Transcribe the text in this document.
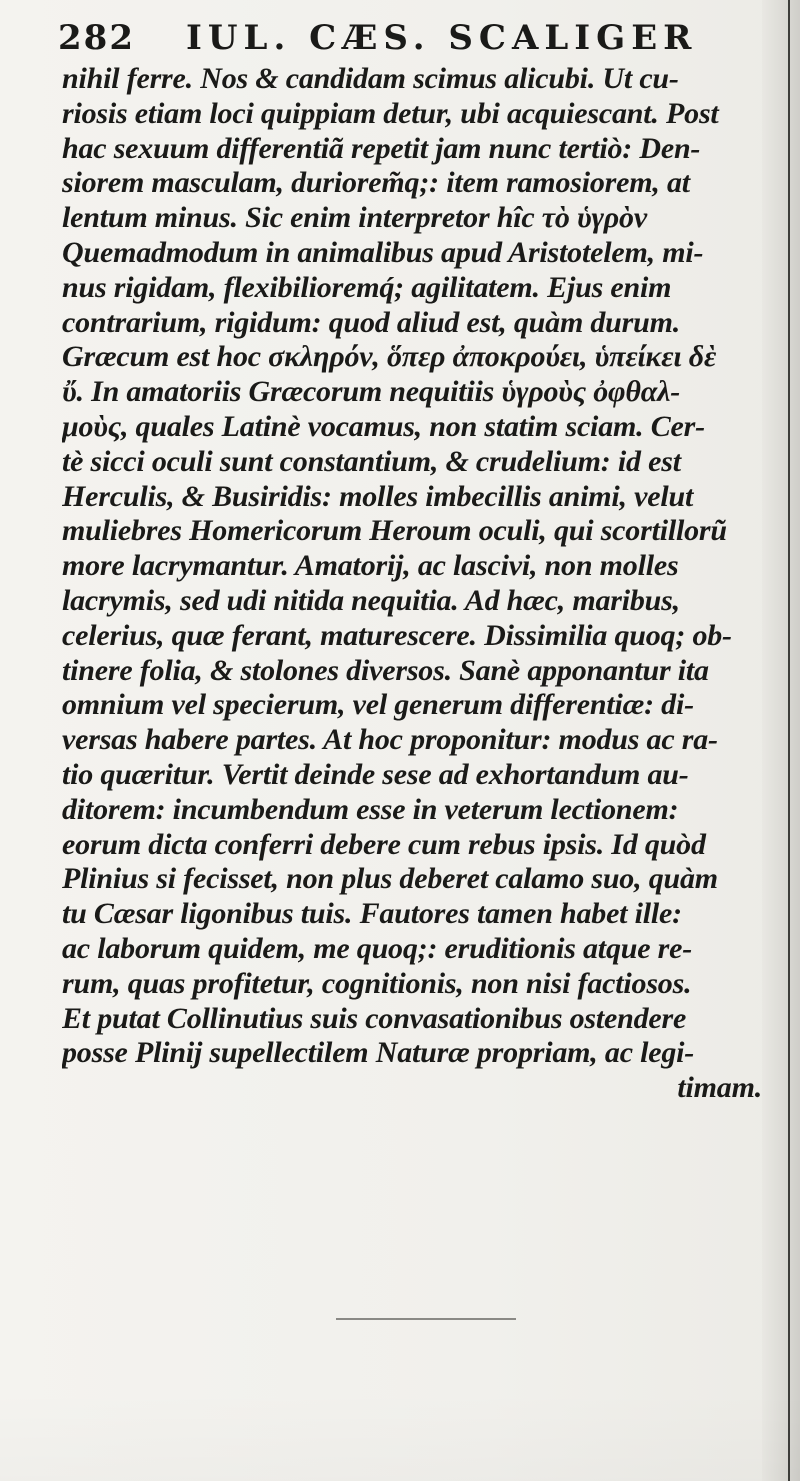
282 IUL. CÆS. SCALIGER
nihil ferre. Nos & candidam scimus alicubi. Ut cu-
riosis etiam loci quippiam detur, ubi acquiescant. Post
hac sexuum differentiã repetit jam nunc tertiò: Den-
siorem masculam, duriorem̃q;: item ramosiorem, at
lentum minus. Sic enim interpretor hîc τὸ ὑγρὸν
Quemadmodum in animalibus apud Aristotelem, mi-
nus rigidam, flexibilioremq́; agilitatem. Ejus enim
contrarium, rigidum: quod aliud est, quàm durum.
Græcum est hoc σκληρόν, ὅπερ ἀποκρούει, ὑπείκει δὲ
ὔ. In amatoriis Græcorum nequitiis ὑγροὺς ὀφθαλ-
μοὺς, quales Latinè vocamus, non statim sciam. Cer-
tè sicci oculi sunt constantium, & crudelium: id est
Herculis, & Busiridis: molles imbecillis animi, velut
muliebres Homericorum Heroum oculi, qui scortillorũ
more lacrymantur. Amatorij, ac lascivi, non molles
lacrymis, sed udi nitida nequitia. Ad hæc, maribus,
celerius, quæ ferant, maturescere. Dissimilia quoq; ob-
tinere folia, & stolones diversos. Sanè apponantur ita
omnium vel specierum, vel generum differentiæ: di-
versas habere partes. At hoc proponitur: modus ac ra-
tio quæritur. Vertit deinde sese ad exhortandum au-
ditorem: incumbendum esse in veterum lectionem:
eorum dicta conferri debere cum rebus ipsis. Id quòd
Plinius si fecisset, non plus deberet calamo suo, quàm
tu Cæsar ligonibus tuis. Fautores tamen habet ille:
ac laborum quidem, me quoq;: eruditionis atque re-
rum, quas profitetur, cognitionis, non nisi factiosos.
Et putat Collinutius suis convasationibus ostendere
posse Plinij supellectilem Naturæ propriam, ac legi-
timam.
